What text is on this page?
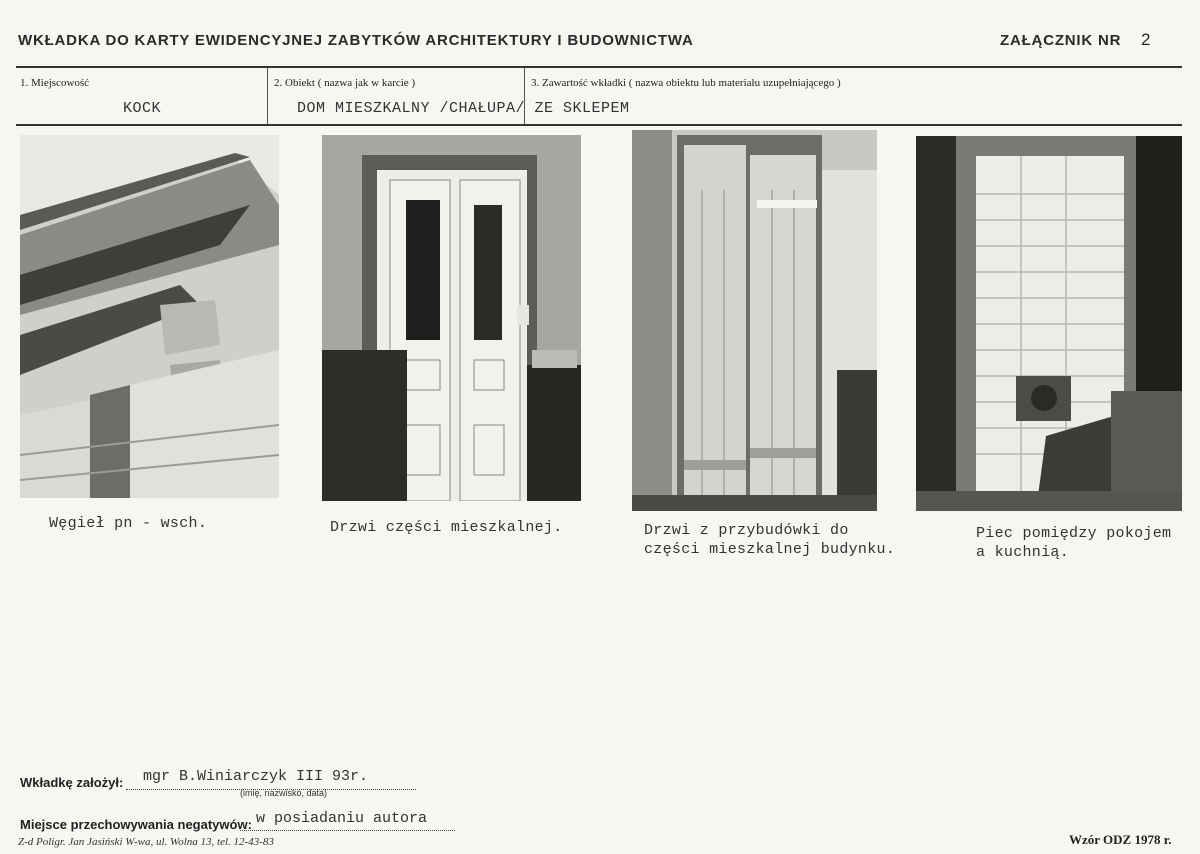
WKŁADKA DO KARTY EWIDENCYJNEJ ZABYTKÓW ARCHITEKTURY I BUDOWNICTWA	ZAŁĄCZNIK NR 2
1. Miejscowość
KOCK
2. Obiekt ( nazwa jak w karcie )
DOM MIESZKALNY /CHAŁUPA/ ZE SKLEPEM
3. Zawartość wkładki ( nazwa obiektu lub materiału uzupełniającego )
Węgieł pn - wsch.	Drzwi części mieszkalnej.	Drzwi z przybudówki do
części mieszkalnej budynku.
Piec pomiędzy pokojem
a kuchnią.
Wkładkę założył: mgr B.Winiarczyk III 93r.
(imię, nazwisko, data)
Miejsce przechowywania negatywów: w posiadaniu autora
Z-d Poligr. Jan Jasiński W-wa, ul. Wolna 13, tel. 12-43-83	Wzór ODZ 1978 r.
